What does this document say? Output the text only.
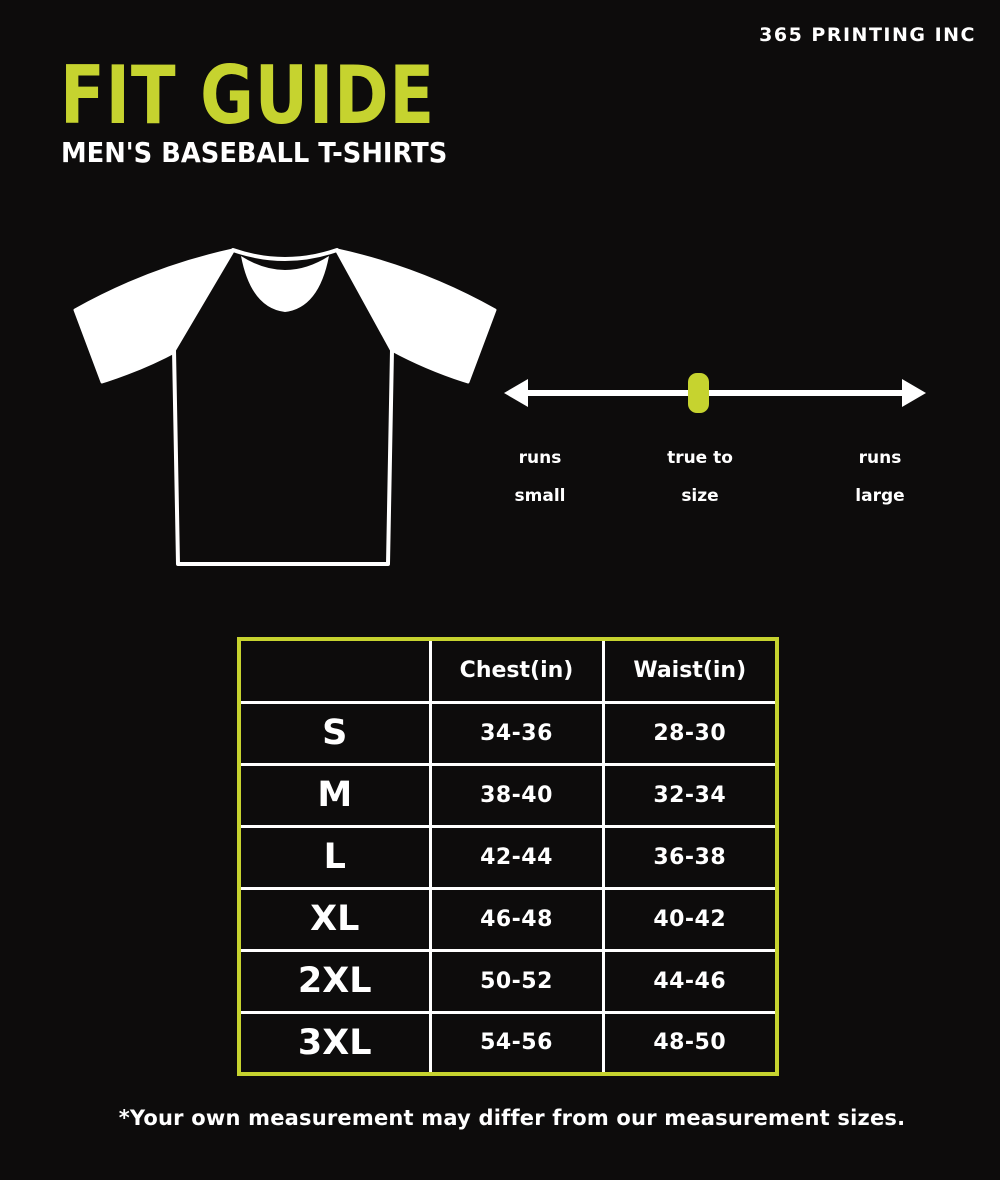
365 PRINTING INC
FIT GUIDE
MEN'S BASEBALL T-SHIRTS

runs

small

true to

size

runs

large

	Chest(in)	Waist(in)
S	34-36	28-30
M	38-40	32-34
L	42-44	36-38
XL	46-48	40-42
2XL	50-52	44-46
3XL	54-56	48-50
*Your own measurement may differ from our measurement sizes.
